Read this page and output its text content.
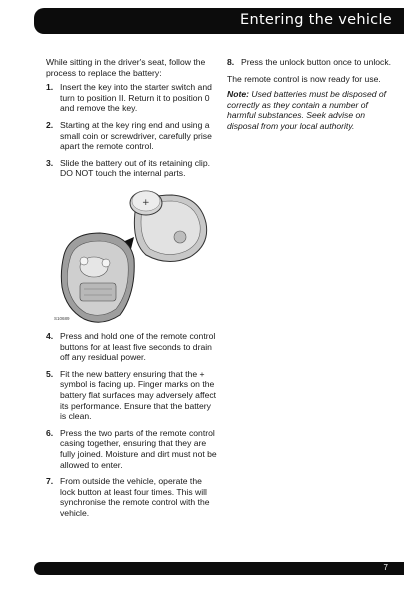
Entering the vehicle

While sitting in the driver's seat, follow the process to replace the battery:

1. Insert the key into the starter switch and turn to position II. Return it to position 0 and remove the key.
2. Starting at the key ring end and using a small coin or screwdriver, carefully prise apart the remote control.
3. Slide the battery out of its retaining clip. DO NOT touch the internal parts.
+
S10689
4. Press and hold one of the remote control buttons for at least five seconds to drain off any residual power.
5. Fit the new battery ensuring that the + symbol is facing up. Finger marks on the battery flat surfaces may adversely affect its performance. Ensure that the battery is clean.
6. Press the two parts of the remote control casing together, ensuring that they are fully joined. Moisture and dirt must not be allowed to enter.
7. From outside the vehicle, operate the lock button at least four times. This will synchronise the remote control with the vehicle.
8. Press the unlock button once to unlock.

The remote control is now ready for use.

Note: Used batteries must be disposed of correctly as they contain a number of harmful substances. Seek advise on disposal from your local authority.

7
